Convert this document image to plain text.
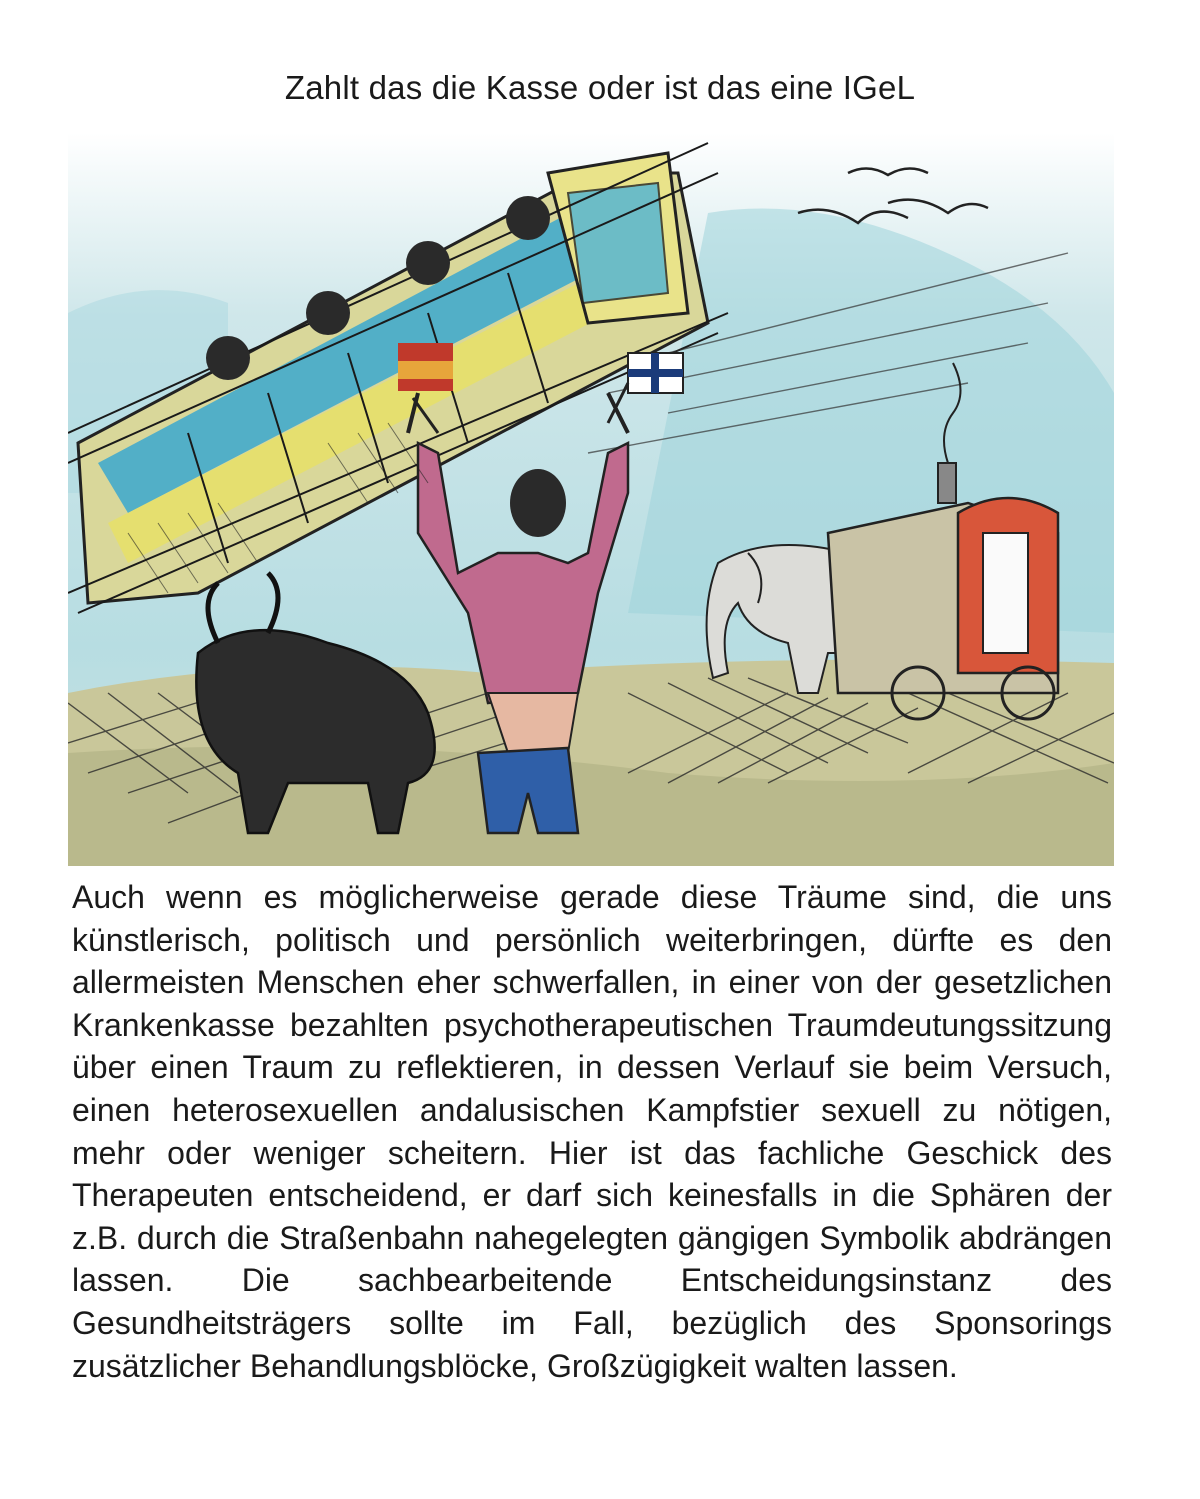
Zahlt das die Kasse oder ist das eine IGeL

Auch wenn es möglicherweise gerade diese Träume sind, die uns künstlerisch, politisch und persönlich weiterbringen, dürfte es den allermeisten Menschen eher schwerfallen, in einer von der gesetzlichen Krankenkasse bezahlten psychotherapeutischen Traumdeutungssitzung über einen Traum zu reflektieren, in dessen Verlauf sie beim Versuch, einen heterosexuellen andalusischen Kampfstier sexuell zu nötigen, mehr oder weniger scheitern. Hier ist das fachliche Geschick des Therapeuten entscheidend, er darf sich keinesfalls in die Sphären der z.B. durch die Straßenbahn nahegelegten gängigen Symbolik abdrängen lassen. Die sachbearbeitende Entscheidungsinstanz des Gesundheitsträgers sollte im Fall, bezüglich des Sponsorings zusätzlicher Behandlungsblöcke, Großzügigkeit walten lassen.
